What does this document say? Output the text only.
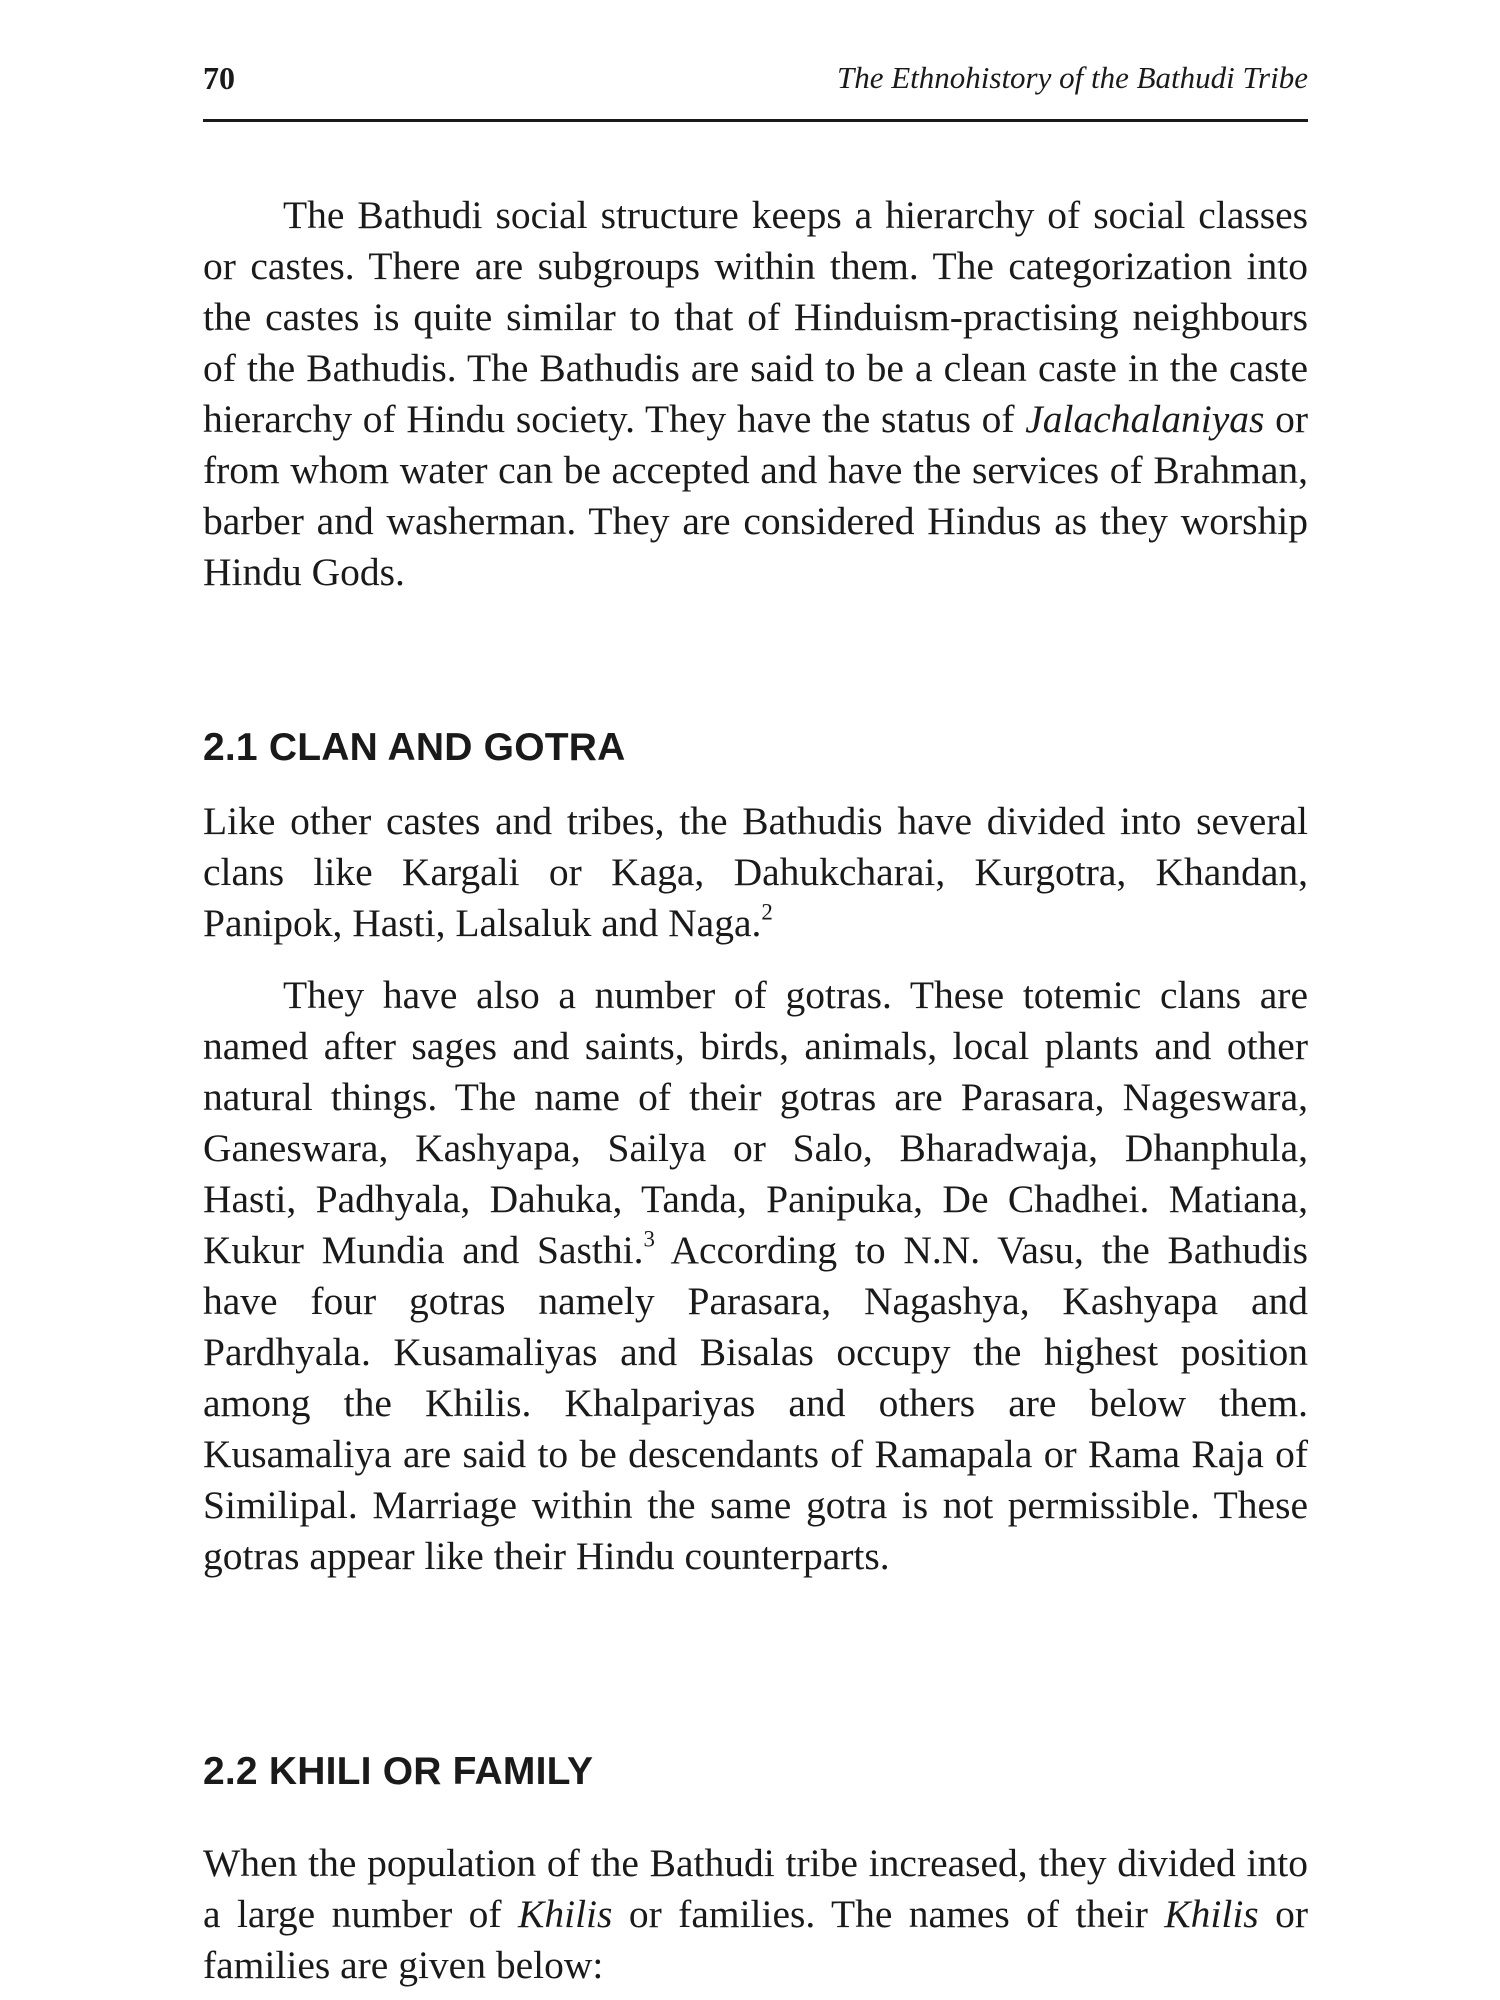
70	The Ethnohistory of the Bathudi Tribe

The Bathudi social structure keeps a hierarchy of social classes or castes. There are subgroups within them. The categorization into the castes is quite similar to that of Hinduism-practising neighbours of the Bathudis. The Bathudis are said to be a clean caste in the caste hierarchy of Hindu society. They have the status of Jalachalaniyas or from whom water can be accepted and have the services of Brahman, barber and washerman. They are considered Hindus as they worship Hindu Gods.

2.1 CLAN AND GOTRA

Like other castes and tribes, the Bathudis have divided into several clans like Kargali or Kaga, Dahukcharai, Kurgotra, Khandan, Panipok, Hasti, Lalsaluk and Naga.$^2$

They have also a number of gotras. These totemic clans are named after sages and saints, birds, animals, local plants and other natural things. The name of their gotras are Parasara, Nageswara, Ganeswara, Kashyapa, Sailya or Salo, Bharadwaja, Dhanphula, Hasti, Padhyala, Dahuka, Tanda, Panipuka, De Chadhei. Matiana, Kukur Mundia and Sasthi.$^3$ According to N.N. Vasu, the Bathudis have four gotras namely Parasara, Nagashya, Kashyapa and Pardhyala. Kusamaliyas and Bisalas occupy the highest position among the Khilis. Khalpariyas and others are below them. Kusamaliya are said to be descendants of Ramapala or Rama Raja of Similipal. Marriage within the same gotra is not permissible. These gotras appear like their Hindu counterparts.

2.2 KHILI OR FAMILY

When the population of the Bathudi tribe increased, they divided into a large number of Khilis or families. The names of their Khilis or families are given below:
